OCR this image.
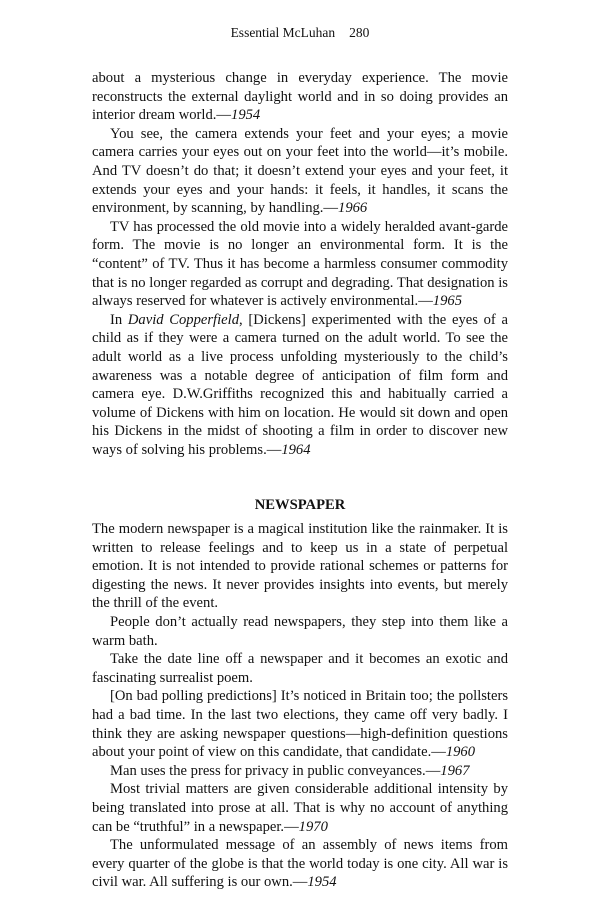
Essential McLuhan 280

about a mysterious change in everyday experience. The movie reconstructs the external daylight world and in so doing provides an interior dream world.—1954

You see, the camera extends your feet and your eyes; a movie camera carries your eyes out on your feet into the world—it’s mobile. And TV doesn’t do that; it doesn’t extend your eyes and your feet, it extends your eyes and your hands: it feels, it handles, it scans the environment, by scanning, by handling.—1966

TV has processed the old movie into a widely heralded avant-garde form. The movie is no longer an environmental form. It is the “content” of TV. Thus it has become a harmless consumer commodity that is no longer regarded as corrupt and degrading. That designation is always reserved for whatever is actively environmental.—1965

In David Copperfield, [Dickens] experimented with the eyes of a child as if they were a camera turned on the adult world. To see the adult world as a live process unfolding mysteriously to the child’s awareness was a notable degree of anticipation of film form and camera eye. D.W.Griffiths recognized this and habitually carried a volume of Dickens with him on location. He would sit down and open his Dickens in the midst of shooting a film in order to discover new ways of solving his problems.—1964

NEWSPAPER

The modern newspaper is a magical institution like the rainmaker. It is written to release feelings and to keep us in a state of perpetual emotion. It is not intended to provide rational schemes or patterns for digesting the news. It never provides insights into events, but merely the thrill of the event.

People don’t actually read newspapers, they step into them like a warm bath.

Take the date line off a newspaper and it becomes an exotic and fascinating surrealist poem.

[On bad polling predictions] It’s noticed in Britain too; the pollsters had a bad time. In the last two elections, they came off very badly. I think they are asking newspaper questions—high-definition questions about your point of view on this candidate, that candidate.—1960

Man uses the press for privacy in public conveyances.—1967

Most trivial matters are given considerable additional intensity by being translated into prose at all. That is why no account of anything can be “truthful” in a newspaper.—1970

The unformulated message of an assembly of news items from every quarter of the globe is that the world today is one city. All war is civil war. All suffering is our own.—1954
